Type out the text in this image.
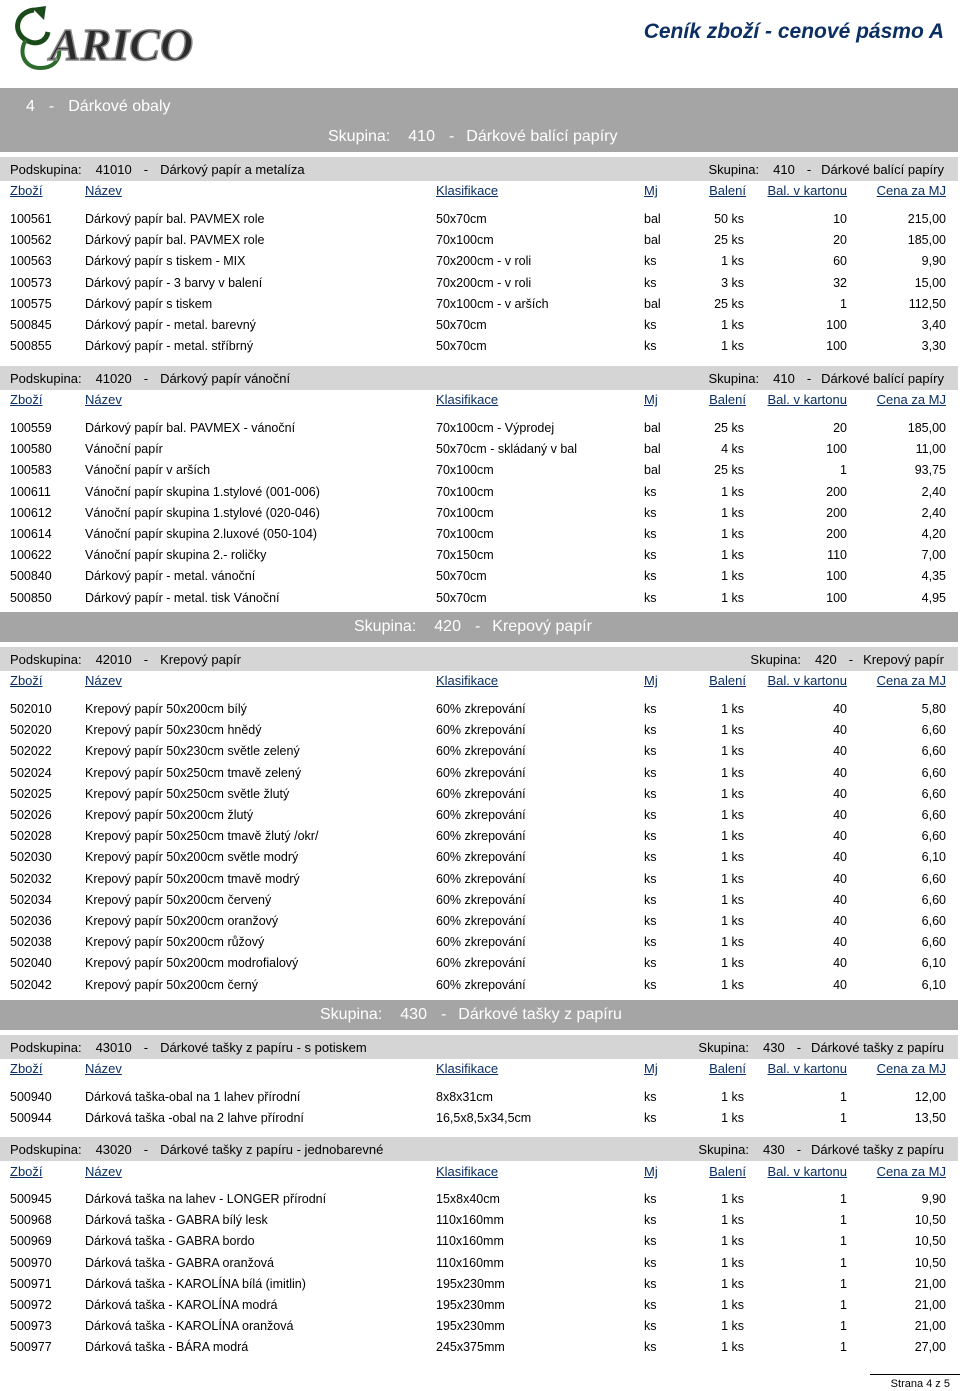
ARICO	Ceník zboží - cenové pásmo A
4 - Dárkové obaly
Skupina: 410 - Dárkové balící papíry
Podskupina: 41010 - Dárkový papír a metalíza	Skupina: 410 - Dárkové balící papíry
Zboží	Název	Klasifikace	Mj	Balení Bal. v kartonu Cena za MJ
100561	Dárkový papír bal. PAVMEX role	50x70cm	bal	50 ks	10	215,00
100562	Dárkový papír bal. PAVMEX role	70x100cm	bal	25 ks	20	185,00
100563	Dárkový papír s tiskem - MIX	70x200cm - v roli	ks	1 ks	60	9,90
100573	Dárkový papír - 3 barvy v balení	70x200cm - v roli	ks	3 ks	32	15,00
100575	Dárkový papír s tiskem	70x100cm - v arších	bal	25 ks	1	112,50
500845	Dárkový papír - metal. barevný	50x70cm	ks	1 ks	100	3,40
500855	Dárkový papír - metal. stříbrný	50x70cm	ks	1 ks	100	3,30
Podskupina: 41020 - Dárkový papír vánoční	Skupina: 410 - Dárkové balící papíry
Zboží	Název	Klasifikace	Mj	Balení Bal. v kartonu Cena za MJ
100559	Dárkový papír bal. PAVMEX - vánoční	70x100cm - Výprodej	bal	25 ks	20	185,00
100580	Vánoční papír	50x70cm - skládaný v bal	bal	4 ks	100	11,00
100583	Vánoční papír v arších	70x100cm	bal	25 ks	1	93,75
100611	Vánoční papír skupina 1.stylové (001-006)	70x100cm	ks	1 ks	200	2,40
100612	Vánoční papír skupina 1.stylové (020-046)	70x100cm	ks	1 ks	200	2,40
100614	Vánoční papír skupina 2.luxové (050-104)	70x100cm	ks	1 ks	200	4,20
100622	Vánoční papír skupina 2.- roličky	70x150cm	ks	1 ks	110	7,00
500840	Dárkový papír - metal. vánoční	50x70cm	ks	1 ks	100	4,35
500850	Dárkový papír - metal. tisk Vánoční	50x70cm	ks	1 ks	100	4,95
Skupina: 420 - Krepový papír
Podskupina: 42010 - Krepový papír	Skupina: 420 - Krepový papír
Zboží	Název	Klasifikace	Mj	Balení Bal. v kartonu Cena za MJ
502010	Krepový papír 50x200cm bílý	60% zkrepování	ks	1 ks	40	5,80
502020	Krepový papír 50x230cm hnědý	60% zkrepování	ks	1 ks	40	6,60
502022	Krepový papír 50x230cm světle zelený	60% zkrepování	ks	1 ks	40	6,60
502024	Krepový papír 50x250cm tmavě zelený	60% zkrepování	ks	1 ks	40	6,60
502025	Krepový papír 50x250cm světle žlutý	60% zkrepování	ks	1 ks	40	6,60
502026	Krepový papír 50x200cm žlutý	60% zkrepování	ks	1 ks	40	6,60
502028	Krepový papír 50x250cm tmavě žlutý /okr/	60% zkrepování	ks	1 ks	40	6,60
502030	Krepový papír 50x200cm světle modrý	60% zkrepování	ks	1 ks	40	6,10
502032	Krepový papír 50x200cm tmavě modrý	60% zkrepování	ks	1 ks	40	6,60
502034	Krepový papír 50x200cm červený	60% zkrepování	ks	1 ks	40	6,60
502036	Krepový papír 50x200cm oranžový	60% zkrepování	ks	1 ks	40	6,60
502038	Krepový papír 50x200cm růžový	60% zkrepování	ks	1 ks	40	6,60
502040	Krepový papír 50x200cm modrofialový	60% zkrepování	ks	1 ks	40	6,10
502042	Krepový papír 50x200cm černý	60% zkrepování	ks	1 ks	40	6,10
Skupina: 430 - Dárkové tašky z papíru
Podskupina: 43010 - Dárkové tašky z papíru - s potiskem	Skupina: 430 - Dárkové tašky z papíru
Zboží	Název	Klasifikace	Mj	Balení Bal. v kartonu Cena za MJ
500940	Dárková taška-obal na 1 lahev přírodní	8x8x31cm	ks	1 ks	1	12,00
500944	Dárková taška -obal na 2 lahve přírodní	16,5x8,5x34,5cm	ks	1 ks	1	13,50
Podskupina: 43020 - Dárkové tašky z papíru - jednobarevné	Skupina: 430 - Dárkové tašky z papíru
Zboží	Název	Klasifikace	Mj	Balení Bal. v kartonu Cena za MJ
500945	Dárková taška na lahev - LONGER přírodní	15x8x40cm	ks	1 ks	1	9,90
500968	Dárková taška - GABRA bílý lesk	110x160mm	ks	1 ks	1	10,50
500969	Dárková taška - GABRA bordo	110x160mm	ks	1 ks	1	10,50
500970	Dárková taška - GABRA oranžová	110x160mm	ks	1 ks	1	10,50
500971	Dárková taška - KAROLÍNA bílá (imitlin)	195x230mm	ks	1 ks	1	21,00
500972	Dárková taška - KAROLÍNA modrá	195x230mm	ks	1 ks	1	21,00
500973	Dárková taška - KAROLÍNA oranžová	195x230mm	ks	1 ks	1	21,00
500977	Dárková taška - BÁRA modrá	245x375mm	ks	1 ks	1	27,00
Strana 4 z 5
